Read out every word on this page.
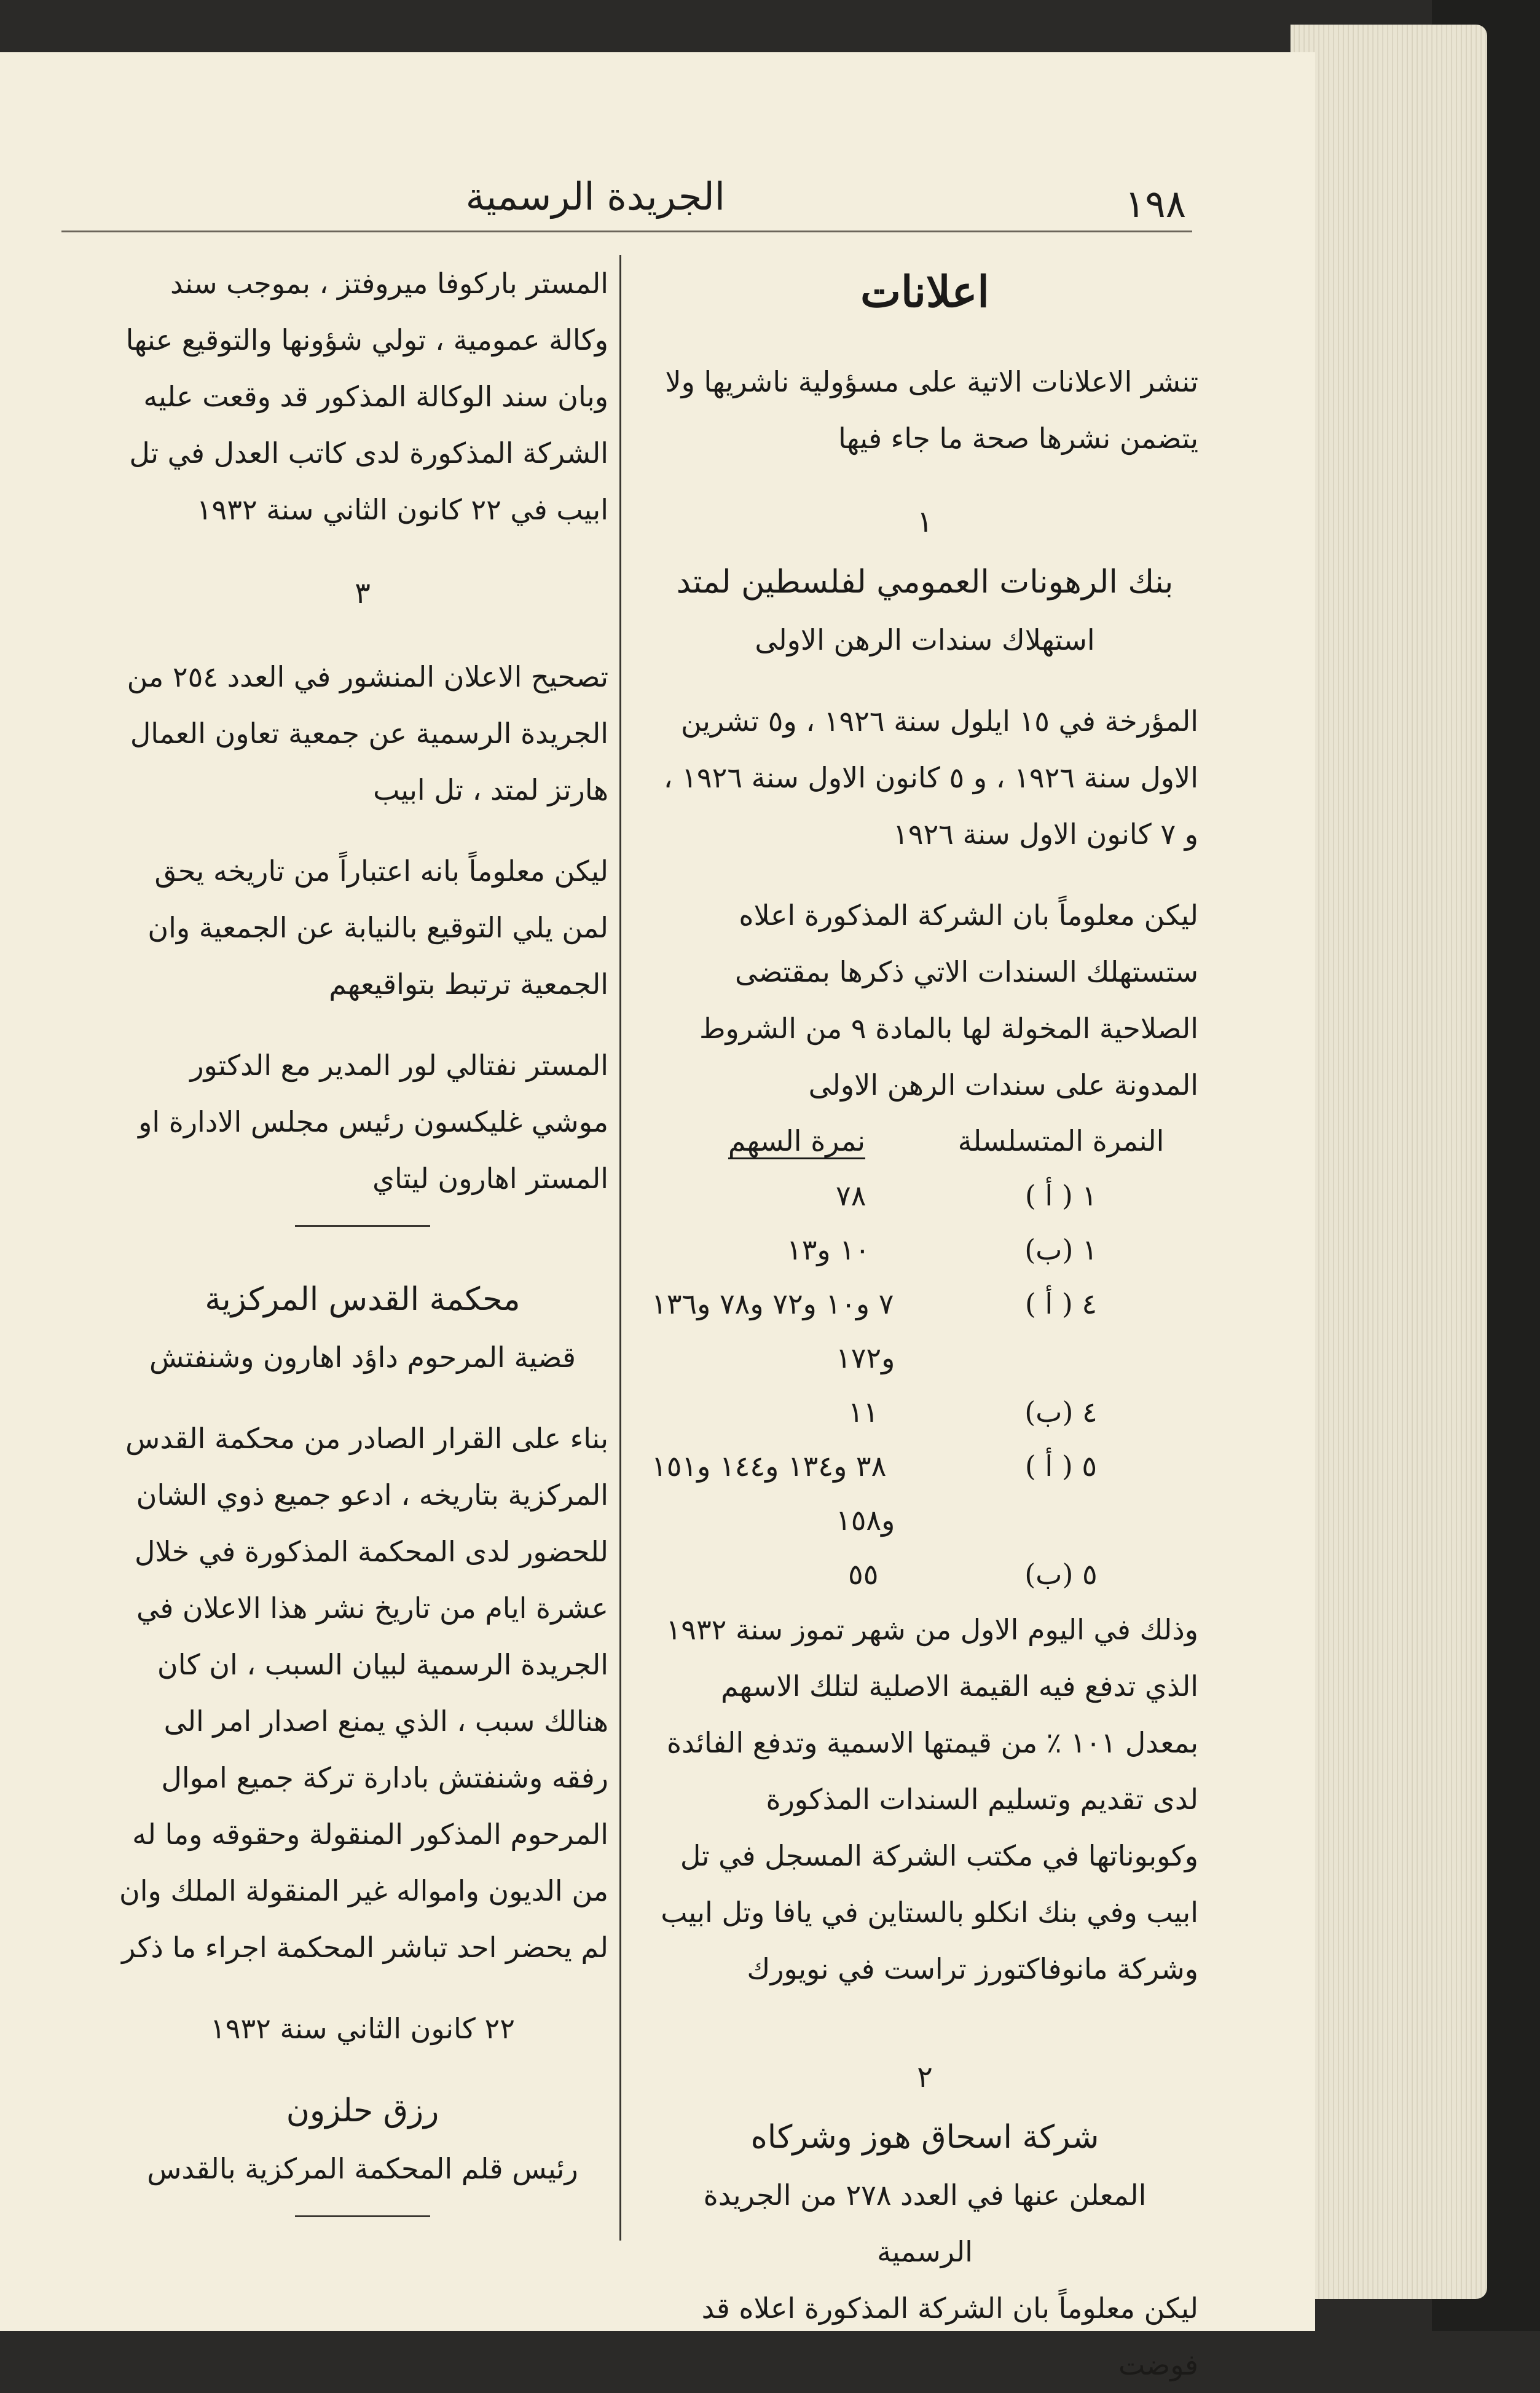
١٩٨
الجريدة الرسمية

اعلانات

تنشر الاعلانات الاتية على مسؤولية ناشريها ولا يتضمن نشرها صحة ما جاء فيها

١

بنك الرهونات العمومي لفلسطين لمتد

استهلاك سندات الرهن الاولى

المؤرخة في ١٥ ايلول سنة ١٩٢٦ ، و٥ تشرين الاول سنة ١٩٢٦ ، و ٥ كانون الاول سنة ١٩٢٦ ، و ٧ كانون الاول سنة ١٩٢٦

ليكن معلوماً بان الشركة المذكورة اعلاه ستستهلك السندات الاتي ذكرها بمقتضى الصلاحية المخولة لها بالمادة ٩ من الشروط المدونة على سندات الرهن الاولى

النمرة المتسلسلة	نمرة السهم
١ ( أ )	٧٨
١ (ب)	١٠ و١٣
٤ ( أ )	٧ و١٠ و٧٢ و٧٨ و١٣٦
	و١٧٢
٤ (ب)	١١
٥ ( أ )	٣٨ و١٣٤ و١٤٤ و١٥١
	و١٥٨
٥ (ب)	٥٥

وذلك في اليوم الاول من شهر تموز سنة ١٩٣٢ الذي تدفع فيه القيمة الاصلية لتلك الاسهم بمعدل ١٠١ ٪ من قيمتها الاسمية وتدفع الفائدة لدى تقديم وتسليم السندات المذكورة وكوبوناتها في مكتب الشركة المسجل في تل ابيب وفي بنك انكلو بالستاين في يافا وتل ابيب وشركة مانوفاكتورز تراست في نويورك

٢

شركة اسحاق هوز وشركاه

المعلن عنها في العدد ٢٧٨ من الجريدة الرسمية

ليكن معلوماً بان الشركة المذكورة اعلاه قد فوضت

المستر باركوفا ميروفتز ، بموجب سند وكالة عمومية ، تولي شؤونها والتوقيع عنها وبان سند الوكالة المذكور قد وقعت عليه الشركة المذكورة لدى كاتب العدل في تل ابيب في ٢٢ كانون الثاني سنة ١٩٣٢

٣

تصحيح الاعلان المنشور في العدد ٢٥٤ من الجريدة الرسمية عن جمعية تعاون العمال هارتز لمتد ، تل ابيب

ليكن معلوماً بانه اعتباراً من تاريخه يحق لمن يلي التوقيع بالنيابة عن الجمعية وان الجمعية ترتبط بتواقيعهم

المستر نفتالي لور المدير مع الدكتور موشي غليكسون رئيس مجلس الادارة او المستر اهارون ليتاي

محكمة القدس المركزية

قضية المرحوم داؤد اهارون وشنفتش

بناء على القرار الصادر من محكمة القدس المركزية بتاريخه ، ادعو جميع ذوي الشان للحضور لدى المحكمة المذكورة في خلال عشرة ايام من تاريخ نشر هذا الاعلان في الجريدة الرسمية لبيان السبب ، ان كان هنالك سبب ، الذي يمنع اصدار امر الى رفقه وشنفتش بادارة تركة جميع اموال المرحوم المذكور المنقولة وحقوقه وما له من الديون وامواله غير المنقولة الملك وان لم يحضر احد تباشر المحكمة اجراء ما ذكر

٢٢ كانون الثاني سنة ١٩٣٢

رزق حلزون

رئيس قلم المحكمة المركزية بالقدس
